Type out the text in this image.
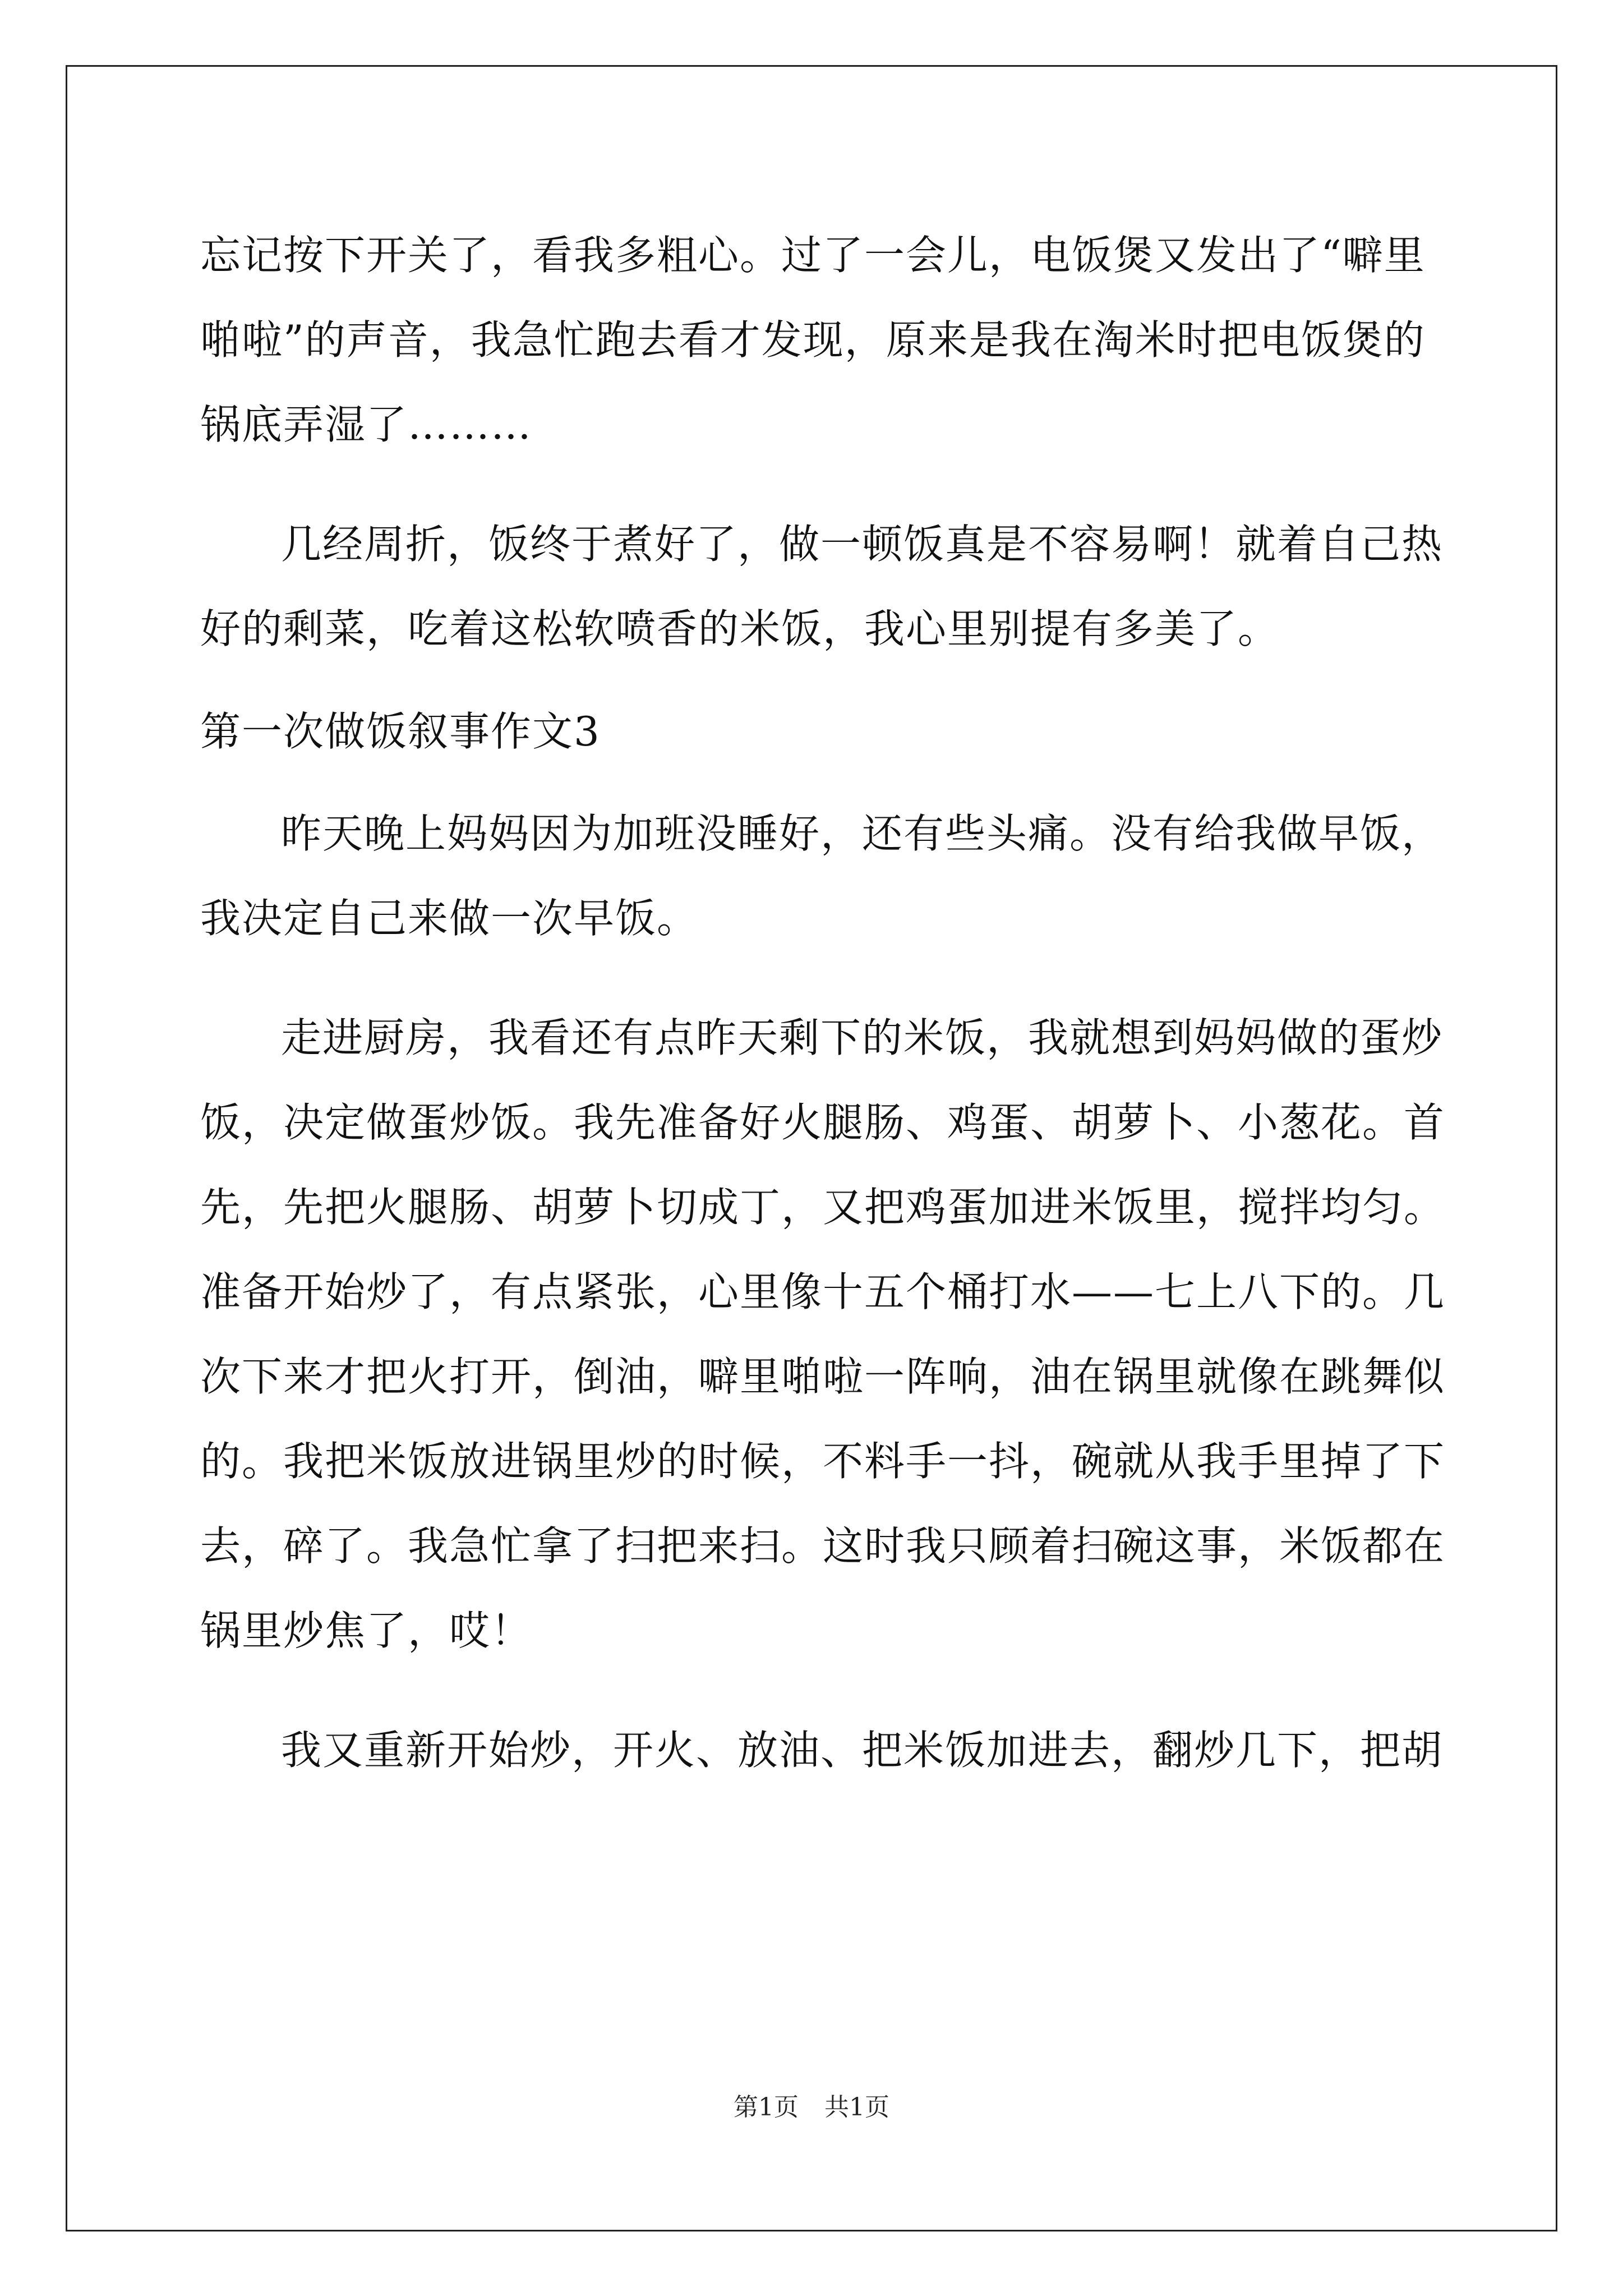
忘记按下开关了，看我多粗心。过了一会儿，电饭煲又发出了“噼里
啪啦”的声音，我急忙跑去看才发现，原来是我在淘米时把电饭煲的
锅底弄湿了………
几经周折，饭终于煮好了，做一顿饭真是不容易啊！就着自己热
好的剩菜，吃着这松软喷香的米饭，我心里别提有多美了。
第一次做饭叙事作文3
昨天晚上妈妈因为加班没睡好，还有些头痛。没有给我做早饭，
我决定自己来做一次早饭。
走进厨房，我看还有点昨天剩下的米饭，我就想到妈妈做的蛋炒
饭，决定做蛋炒饭。我先准备好火腿肠、鸡蛋、胡萝卜、小葱花。首
先，先把火腿肠、胡萝卜切成丁，又把鸡蛋加进米饭里，搅拌均匀。
准备开始炒了，有点紧张，心里像十五个桶打水——七上八下的。几
次下来才把火打开，倒油，噼里啪啦一阵响，油在锅里就像在跳舞似
的。我把米饭放进锅里炒的时候，不料手一抖，碗就从我手里掉了下
去，碎了。我急忙拿了扫把来扫。这时我只顾着扫碗这事，米饭都在
锅里炒焦了，哎！
我又重新开始炒，开火、放油、把米饭加进去，翻炒几下，把胡
第1页 共1页
